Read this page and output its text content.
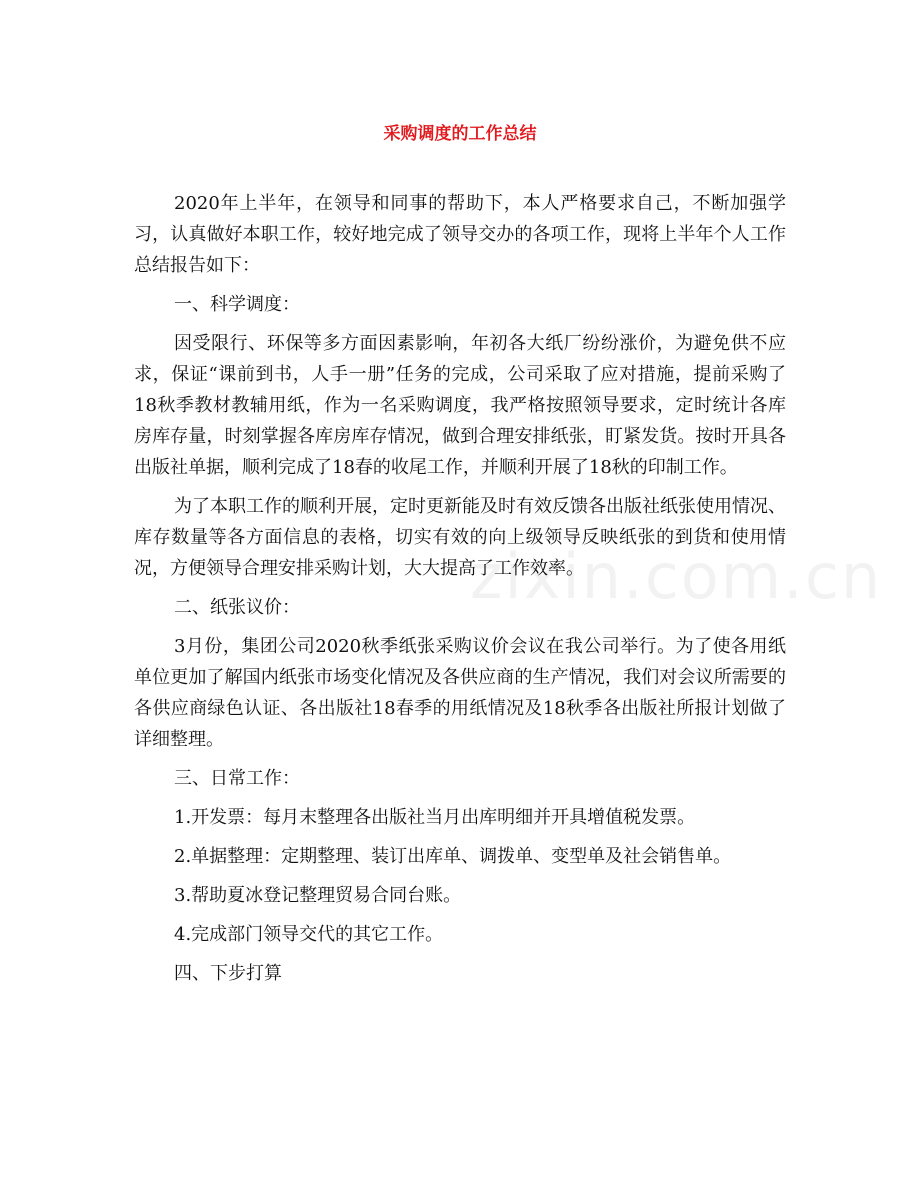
zixin.com.cn
采购调度的工作总结

2020年上半年，在领导和同事的帮助下，本人严格要求自己，不断加强学习，认真做好本职工作，较好地完成了领导交办的各项工作，现将上半年个人工作总结报告如下：

一、科学调度：

因受限行、环保等多方面因素影响，年初各大纸厂纷纷涨价，为避免供不应求，保证“课前到书，人手一册”任务的完成，公司采取了应对措施，提前采购了18秋季教材教辅用纸，作为一名采购调度，我严格按照领导要求，定时统计各库房库存量，时刻掌握各库房库存情况，做到合理安排纸张，盯紧发货。按时开具各出版社单据，顺利完成了18春的收尾工作，并顺利开展了18秋的印制工作。

为了本职工作的顺利开展，定时更新能及时有效反馈各出版社纸张使用情况、库存数量等各方面信息的表格，切实有效的向上级领导反映纸张的到货和使用情况，方便领导合理安排采购计划，大大提高了工作效率。

二、纸张议价：

3月份，集团公司2020秋季纸张采购议价会议在我公司举行。为了使各用纸单位更加了解国内纸张市场变化情况及各供应商的生产情况，我们对会议所需要的各供应商绿色认证、各出版社18春季的用纸情况及18秋季各出版社所报计划做了详细整理。

三、日常工作：

1.开发票：每月末整理各出版社当月出库明细并开具增值税发票。

2.单据整理：定期整理、装订出库单、调拨单、变型单及社会销售单。

3.帮助夏冰登记整理贸易合同台账。

4.完成部门领导交代的其它工作。

四、下步打算
